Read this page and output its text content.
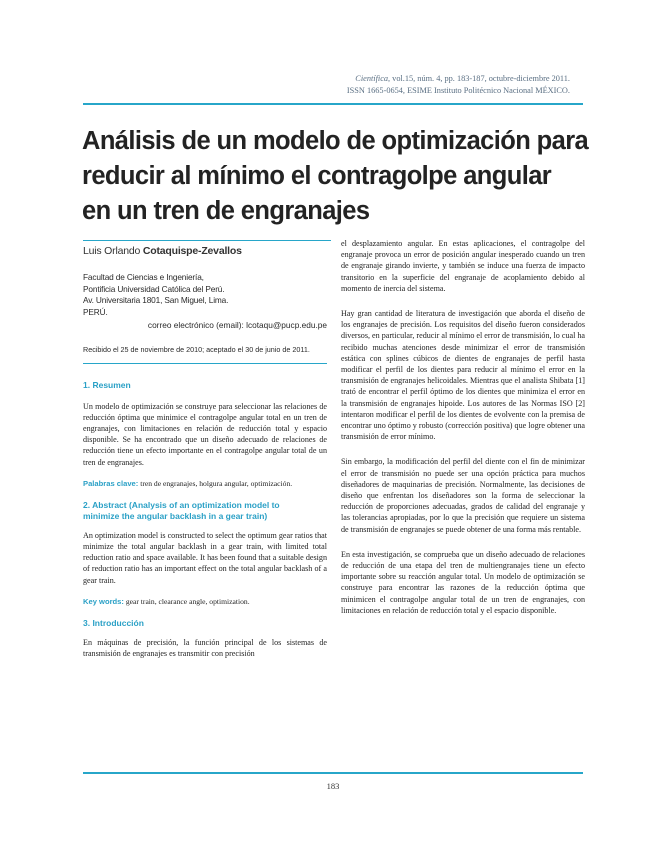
Científica, vol.15, núm. 4, pp. 183-187, octubre-diciembre 2011.
ISSN 1665-0654, ESIME Instituto Politécnico Nacional MÉXICO.
Análisis de un modelo de optimización para
reducir al mínimo el contragolpe angular
en un tren de engranajes

Luis Orlando Cotaquispe-Zevallos

Facultad de Ciencias e Ingeniería,
Pontificia Universidad Católica del Perú.
Av. Universitaria 1801, San Miguel, Lima.
PERÚ.

correo electrónico (email): lcotaqu@pucp.edu.pe

Recibido el 25 de noviembre de 2010; aceptado el 30 de junio de 2011.

1. Resumen

Un modelo de optimización se construye para seleccionar las relaciones de reducción óptima que minimice el contragolpe angular total en un tren de engranajes, con limitaciones en relación de reducción total y espacio disponible. Se ha encontrado que un diseño adecuado de relaciones de reducción tiene un efecto importante en el contragolpe angular total de un tren de engranajes.

Palabras clave: tren de engranajes, holgura angular, optimización.

2. Abstract (Analysis of an optimization model to
minimize the angular backlash in a gear train)

An optimization model is constructed to select the optimum gear ratios that minimize the total angular backlash in a gear train, with limited total reduction ratio and space available. It has been found that a suitable design of reduction ratio has an important effect on the total angular backlash of a gear train.

Key words: gear train, clearance angle, optimization.

3. Introducción

En máquinas de precisión, la función principal de los sistemas de transmisión de engranajes es transmitir con precisión

el desplazamiento angular. En estas aplicaciones, el contragolpe del engranaje provoca un error de posición angular inesperado cuando un tren de engranaje girando invierte, y también se induce una fuerza de impacto transitorio en la superficie del engranaje de acoplamiento debido al momento de inercia del sistema.

Hay gran cantidad de literatura de investigación que aborda el diseño de los engranajes de precisión. Los requisitos del diseño fueron considerados diversos, en particular, reducir al mínimo el error de transmisión, lo cual ha recibido muchas atenciones desde minimizar el error de transmisión estática con splines cúbicos de dientes de engranajes de perfil hasta modificar el perfil de los dientes para reducir al mínimo el error en la transmisión de engranajes helicoidales. Mientras que el analista Shibata [1] trató de encontrar el perfil óptimo de los dientes que minimiza el error en la transmisión de engranajes hipoide. Los autores de las Normas ISO [2] intentaron modificar el perfil de los dientes de evolvente con la premisa de encontrar uno óptimo y robusto (corrección positiva) que logre obtener una transmisión de error mínimo.

Sin embargo, la modificación del perfil del diente con el fin de minimizar el error de transmisión no puede ser una opción práctica para muchos diseñadores de maquinarias de precisión. Normalmente, las decisiones de diseño que enfrentan los diseñadores son la forma de seleccionar la reducción de proporciones adecuadas, grados de calidad del engranaje y las tolerancias apropiadas, por lo que la precisión que requiere un sistema de transmisión de engranajes se puede obtener de una forma más rentable.

En esta investigación, se comprueba que un diseño adecuado de relaciones de reducción de una etapa del tren de multiengranajes tiene un efecto importante sobre su reacción angular total. Un modelo de optimización se construye para encontrar las razones de la reducción óptima que minimicen el contragolpe angular total de un tren de engranajes, con limitaciones en relación de reducción total y el espacio disponible.

183
